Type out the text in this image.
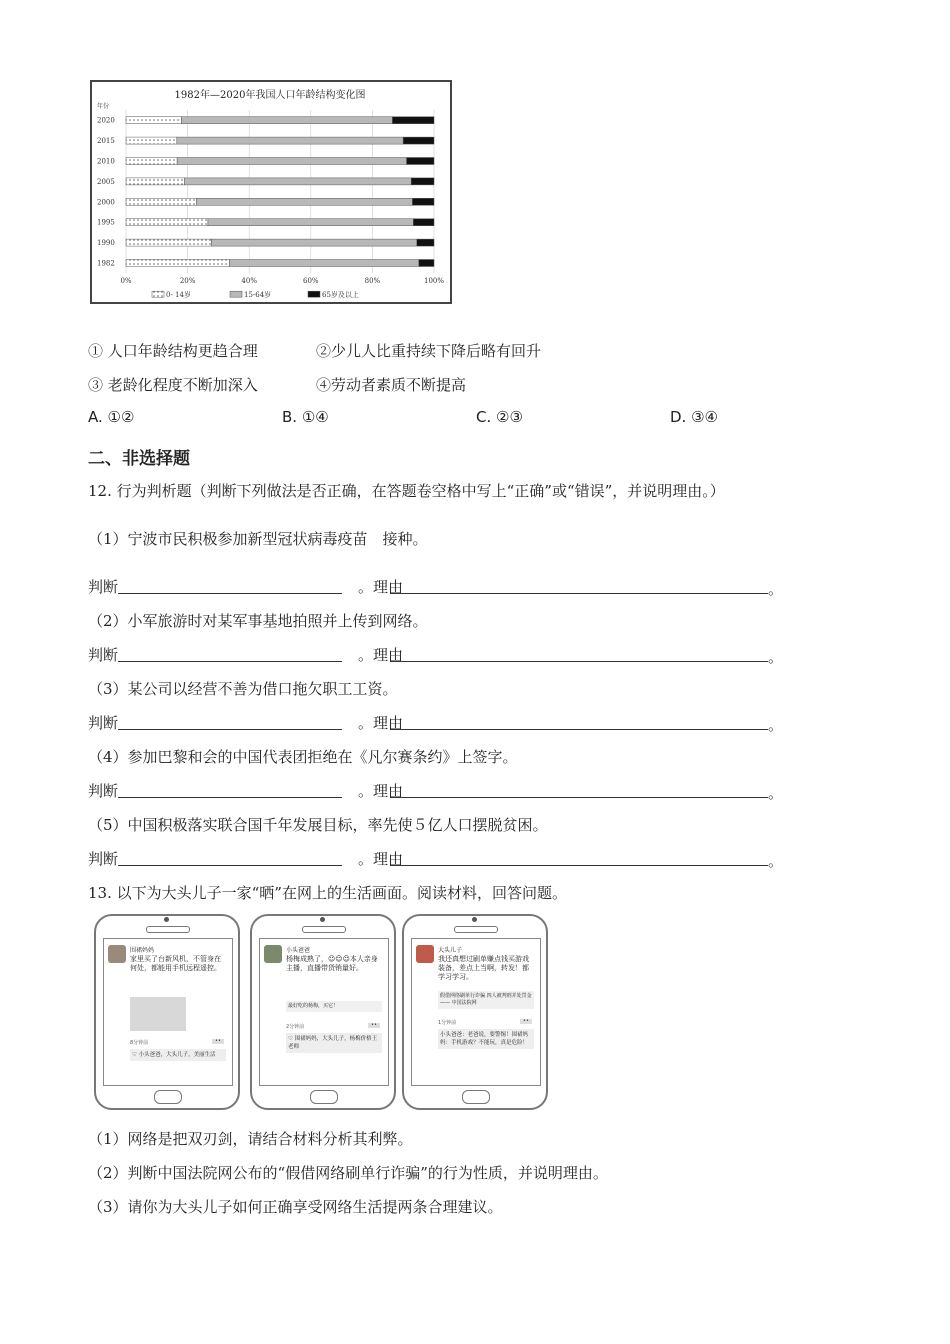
1982年—2020年我国人口年龄结构变化图
年份
2020
2015
2010
2005
2000
1995
1990
1982
0%	20%	40%	60%	80%	100%
0- 14岁	15-64岁	65岁及以上
① 人口年龄结构更趋合理	②少儿人比重持续下降后略有回升
③ 老龄化程度不断加深入	④劳动者素质不断提高
A. ①②	B. ①④	C. ②③	D. ③④
二、非选择题
12. 行为判析题（判断下列做法是否正确，在答题卷空格中写上“正确”或“错误”，并说明理由。）
（1）宁波市民积极参加新型冠状病毒疫苗　接种。
判断	。理由	。
（2）小军旅游时对某军事基地拍照并上传到网络。
判断	。理由	。
（3）某公司以经营不善为借口拖欠职工工资。
判断	。理由	。
（4）参加巴黎和会的中国代表团拒绝在《凡尔赛条约》上签字。
判断	。理由	。
（5）中国积极落实联合国千年发展目标，率先使５亿人口摆脱贫困。
判断	。理由	。
13. 以下为大头儿子一家“晒”在网上的生活画面。阅读材料，回答问题。
围裙妈妈
家里买了台新风机，不管身在何处，都能用手机远程遥控。
8分钟前	••
♡ 小头爸爸，大头儿子，美丽生活
小头爸爸
杨梅成熟了，☺☺☺本人亲身主播，直播带货销量好。
最好吃的杨梅，买它！
2分钟前	••
♡ 围裙妈妈，大头儿子，杨梅价格王老师
大头儿子
我还真想过刷单赚点钱买游戏装备，差点上当啊，转发！都学习学习。
假借网络刷单行诈骗 四人被判刑并处罚金 —— 中国法院网
1分钟前	••
小头爸爸：老爸说，要警惕！围裙妈妈：手机游戏？不能玩，真是危险！
（1）网络是把双刃剑，请结合材料分析其利弊。
（2）判断中国法院网公布的“假借网络刷单行诈骗”的行为性质，并说明理由。
（3）请你为大头儿子如何正确享受网络生活提两条合理建议。
